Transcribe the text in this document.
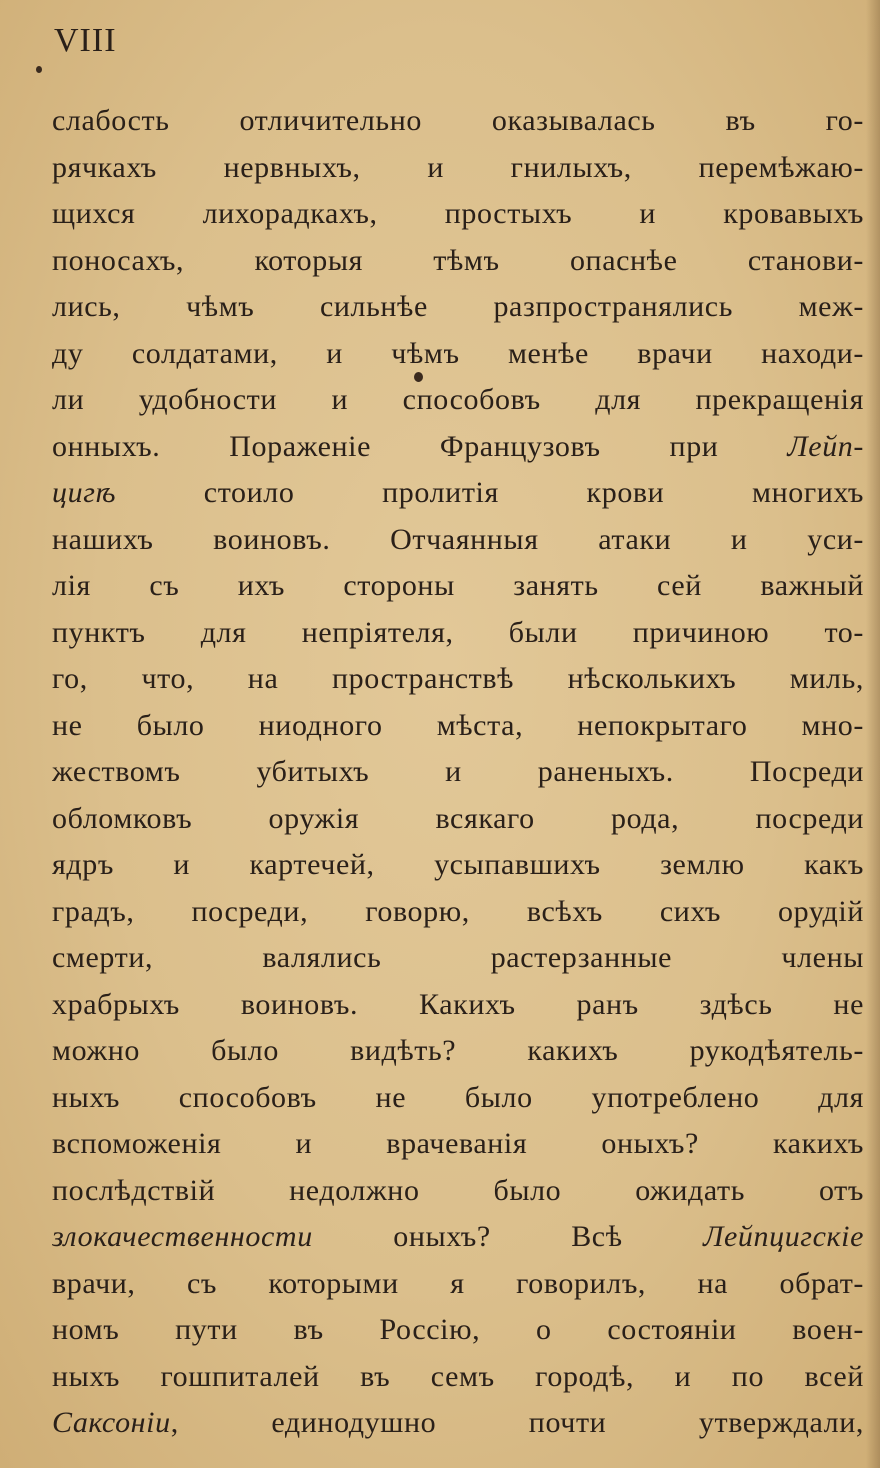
VIII
слабость отличительно оказывалась въ го-
рячкахъ нервныхъ, и гнилыхъ, перемѣжаю-
щихся лихорадкахъ, простыхъ и кровавыхъ
поносахъ, которыя тѣмъ опаснѣе станови-
лись, чѣмъ сильнѣе разпространялись меж-
ду солдатами, и чѣмъ менѣе врачи находи-
ли удобности и способовъ для прекращенія
онныхъ. Пораженіе Французовъ при Лейп-
цигѣ стоило пролитія крови многихъ
нашихъ воиновъ. Отчаянныя атаки и уси-
лія съ ихъ стороны занять сей важный
пунктъ для непріятеля, были причиною то-
го, что, на пространствѣ нѣсколькихъ миль,
не было ниодного мѣста, непокрытаго мно-
жествомъ убитыхъ и раненыхъ. Посреди
обломковъ оружія всякаго рода, посреди
ядръ и картечей, усыпавшихъ землю какъ
градъ, посреди, говорю, всѣхъ сихъ орудій
смерти, валялись растерзанные члены
храбрыхъ воиновъ. Какихъ ранъ здѣсь не
можно было видѣть? какихъ рукодѣятель-
ныхъ способовъ не было употреблено для
вспоможенія и врачеванія оныхъ? какихъ
послѣдствій недолжно было ожидать отъ
злокачественности оныхъ? Всѣ Лейпцигскіе
врачи, съ которыми я говорилъ, на обрат-
номъ пути въ Россію, о состояніи воен-
ныхъ гошпиталей въ семъ городѣ, и по всей
Саксоніи, единодушно почти утверждали,
